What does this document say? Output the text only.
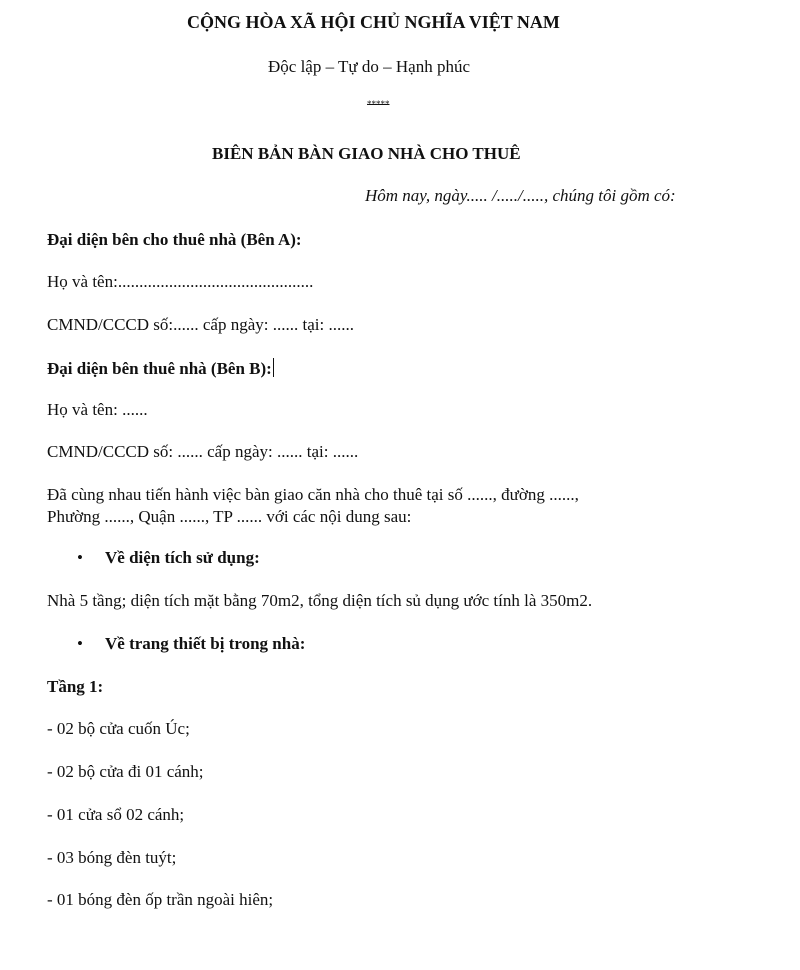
CỘNG HÒA XÃ HỘI CHỦ NGHĨA VIỆT NAM
Độc lập – Tự do – Hạnh phúc
*****
BIÊN BẢN BÀN GIAO NHÀ CHO THUÊ
Hôm nay, ngày..... /...../....., chúng tôi gồm có:
Đại diện bên cho thuê nhà (Bên A):
Họ và tên:..............................................
CMND/CCCD số:...... cấp ngày: ...... tại: ......
Đại diện bên thuê nhà (Bên B):
Họ và tên: ......
CMND/CCCD số: ...... cấp ngày: ...... tại: ......
Đã cùng nhau tiến hành việc bàn giao căn nhà cho thuê tại số ......, đường ......,
Phường ......, Quận ......, TP ...... với các nội dung sau:
• Về diện tích sử dụng:
Nhà 5 tầng; diện tích mặt bằng 70m2, tổng diện tích sủ dụng ước tính là 350m2.
• Về trang thiết bị trong nhà:
Tầng 1:
- 02 bộ cửa cuốn Úc;
- 02 bộ cửa đi 01 cánh;
- 01 cửa sổ 02 cánh;
- 03 bóng đèn tuýt;
- 01 bóng đèn ốp trần ngoài hiên;
